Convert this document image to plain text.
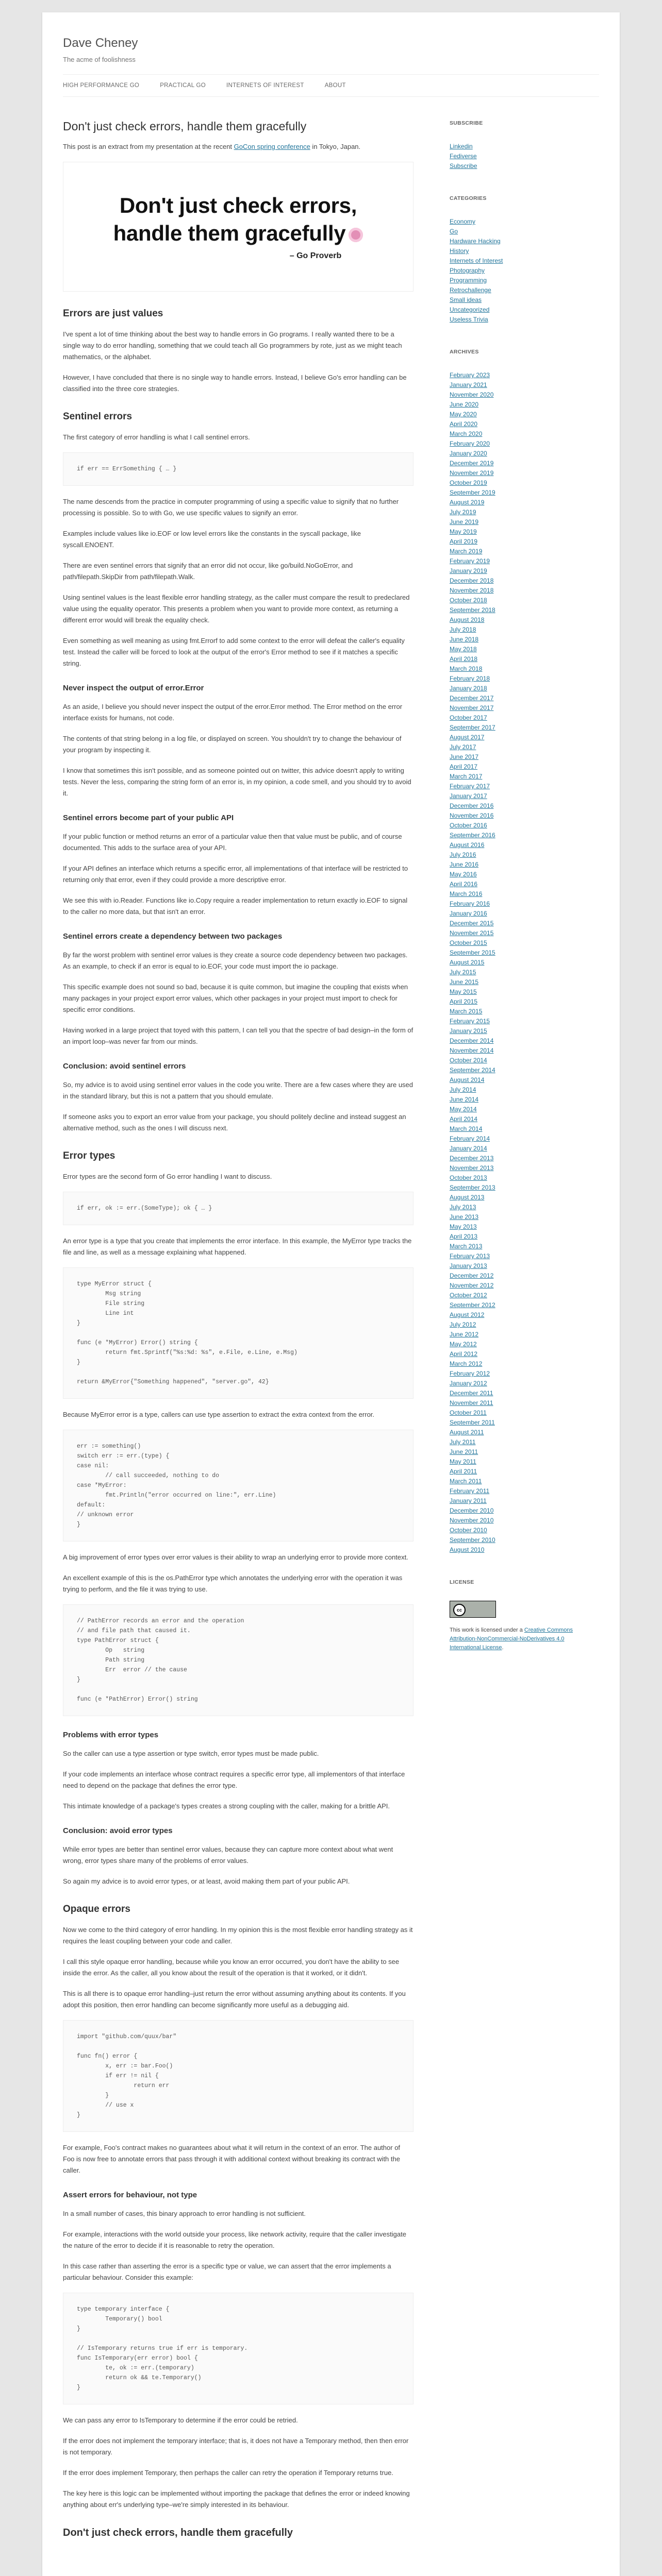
Dave Cheney
The acme of foolishness
HIGH PERFORMANCE GO	PRACTICAL GO	INTERNETS OF INTEREST	ABOUT
Don't just check errors, handle them gracefully

This post is an extract from my presentation at the recent GoCon spring conference in Tokyo, Japan.

Don't just check errors,
handle them gracefully
– Go Proverb
Errors are just values

I've spent a lot of time thinking about the best way to handle errors in Go programs. I really wanted there to be a single way to do error handling, something that we could teach all Go programmers by rote, just as we might teach mathematics, or the alphabet.

However, I have concluded that there is no single way to handle errors. Instead, I believe Go's error handling can be classified into the three core strategies.

Sentinel errors

The first category of error handling is what I call sentinel errors.

if err == ErrSomething { … }

The name descends from the practice in computer programming of using a specific value to signify that no further processing is possible. So to with Go, we use specific values to signify an error.

Examples include values like io.EOF or low level errors like the constants in the syscall package, like syscall.ENOENT.

There are even sentinel errors that signify that an error did not occur, like go/build.NoGoError, and path/filepath.SkipDir from path/filepath.Walk.

Using sentinel values is the least flexible error handling strategy, as the caller must compare the result to predeclared value using the equality operator. This presents a problem when you want to provide more context, as returning a different error would will break the equality check.

Even something as well meaning as using fmt.Errorf to add some context to the error will defeat the caller's equality test. Instead the caller will be forced to look at the output of the error's Error method to see if it matches a specific string.

Never inspect the output of error.Error

As an aside, I believe you should never inspect the output of the error.Error method. The Error method on the error interface exists for humans, not code.

The contents of that string belong in a log file, or displayed on screen. You shouldn't try to change the behaviour of your program by inspecting it.

I know that sometimes this isn't possible, and as someone pointed out on twitter, this advice doesn't apply to writing tests. Never the less, comparing the string form of an error is, in my opinion, a code smell, and you should try to avoid it.

Sentinel errors become part of your public API

If your public function or method returns an error of a particular value then that value must be public, and of course documented. This adds to the surface area of your API.

If your API defines an interface which returns a specific error, all implementations of that interface will be restricted to returning only that error, even if they could provide a more descriptive error.

We see this with io.Reader. Functions like io.Copy require a reader implementation to return exactly io.EOF to signal to the caller no more data, but that isn't an error.

Sentinel errors create a dependency between two packages

By far the worst problem with sentinel error values is they create a source code dependency between two packages. As an example, to check if an error is equal to io.EOF, your code must import the io package.

This specific example does not sound so bad, because it is quite common, but imagine the coupling that exists when many packages in your project export error values, which other packages in your project must import to check for specific error conditions.

Having worked in a large project that toyed with this pattern, I can tell you that the spectre of bad design–in the form of an import loop–was never far from our minds.

Conclusion: avoid sentinel errors

So, my advice is to avoid using sentinel error values in the code you write. There are a few cases where they are used in the standard library, but this is not a pattern that you should emulate.

If someone asks you to export an error value from your package, you should politely decline and instead suggest an alternative method, such as the ones I will discuss next.

Error types

Error types are the second form of Go error handling I want to discuss.

if err, ok := err.(SomeType); ok { … }

An error type is a type that you create that implements the error interface. In this example, the MyError type tracks the file and line, as well as a message explaining what happened.

type MyError struct {
Msg string
File string
Line int
}

func (e *MyError) Error() string {
return fmt.Sprintf("%s:%d: %s", e.File, e.Line, e.Msg)
}

return &MyError{"Something happened", "server.go", 42}

Because MyError error is a type, callers can use type assertion to extract the extra context from the error.

err := something()
switch err := err.(type) {
case nil:
// call succeeded, nothing to do
case *MyError:
fmt.Println("error occurred on line:", err.Line)
default:
// unknown error
}

A big improvement of error types over error values is their ability to wrap an underlying error to provide more context.

An excellent example of this is the os.PathError type which annotates the underlying error with the operation it was trying to perform, and the file it was trying to use.

// PathError records an error and the operation
// and file path that caused it.
type PathError struct {
Op   string
Path string
Err  error // the cause
}

func (e *PathError) Error() string
Problems with error types

So the caller can use a type assertion or type switch, error types must be made public.

If your code implements an interface whose contract requires a specific error type, all implementors of that interface need to depend on the package that defines the error type.

This intimate knowledge of a package's types creates a strong coupling with the caller, making for a brittle API.

Conclusion: avoid error types

While error types are better than sentinel error values, because they can capture more context about what went wrong, error types share many of the problems of error values.

So again my advice is to avoid error types, or at least, avoid making them part of your public API.

Opaque errors

Now we come to the third category of error handling. In my opinion this is the most flexible error handling strategy as it requires the least coupling between your code and caller.

I call this style opaque error handling, because while you know an error occurred, you don't have the ability to see inside the error. As the caller, all you know about the result of the operation is that it worked, or it didn't.

This is all there is to opaque error handling–just return the error without assuming anything about its contents. If you adopt this position, then error handling can become significantly more useful as a debugging aid.

import "github.com/quux/bar"

func fn() error {
x, err := bar.Foo()
if err != nil {
return err
}
// use x
}

For example, Foo's contract makes no guarantees about what it will return in the context of an error. The author of Foo is now free to annotate errors that pass through it with additional context without breaking its contract with the caller.

Assert errors for behaviour, not type

In a small number of cases, this binary approach to error handling is not sufficient.

For example, interactions with the world outside your process, like network activity, require that the caller investigate the nature of the error to decide if it is reasonable to retry the operation.

In this case rather than asserting the error is a specific type or value, we can assert that the error implements a particular behaviour. Consider this example:

type temporary interface {
Temporary() bool
}

// IsTemporary returns true if err is temporary.
func IsTemporary(err error) bool {
te, ok := err.(temporary)
return ok && te.Temporary()
}

We can pass any error to IsTemporary to determine if the error could be retried.

If the error does not implement the temporary interface; that is, it does not have a Temporary method, then then error is not temporary.

If the error does implement Temporary, then perhaps the caller can retry the operation if Temporary returns true.

The key here is this logic can be implemented without importing the package that defines the error or indeed knowing anything about err's underlying type–we're simply interested in its behaviour.

Don't just check errors, handle them gracefully
SUBSCRIBE
Linkedin
Fediverse
Subscribe
CATEGORIES
Economy
Go
Hardware Hacking
History
Internets of Interest
Photography
Programming
Retrochallenge
Small ideas
Uncategorized
Useless Trivia
ARCHIVES
February 2023
January 2021
November 2020
June 2020
May 2020
April 2020
March 2020
February 2020
January 2020
December 2019
November 2019
October 2019
September 2019
August 2019
July 2019
June 2019
May 2019
April 2019
March 2019
February 2019
January 2019
December 2018
November 2018
October 2018
September 2018
August 2018
July 2018
June 2018
May 2018
April 2018
March 2018
February 2018
January 2018
December 2017
November 2017
October 2017
September 2017
August 2017
July 2017
June 2017
April 2017
March 2017
February 2017
January 2017
December 2016
November 2016
October 2016
September 2016
August 2016
July 2016
June 2016
May 2016
April 2016
March 2016
February 2016
January 2016
December 2015
November 2015
October 2015
September 2015
August 2015
July 2015
June 2015
May 2015
April 2015
March 2015
February 2015
January 2015
December 2014
November 2014
October 2014
September 2014
August 2014
July 2014
June 2014
May 2014
April 2014
March 2014
February 2014
January 2014
December 2013
November 2013
October 2013
September 2013
August 2013
July 2013
June 2013
May 2013
April 2013
March 2013
February 2013
January 2013
December 2012
November 2012
October 2012
September 2012
August 2012
July 2012
June 2012
May 2012
April 2012
March 2012
February 2012
January 2012
December 2011
November 2011
October 2011
September 2011
August 2011
July 2011
June 2011
May 2011
April 2011
March 2011
February 2011
January 2011
December 2010
November 2010
October 2010
September 2010
August 2010
LICENSE
cc
This work is licensed under a Creative Commons Attribution-NonCommercial-NoDerivatives 4.0 International License.
